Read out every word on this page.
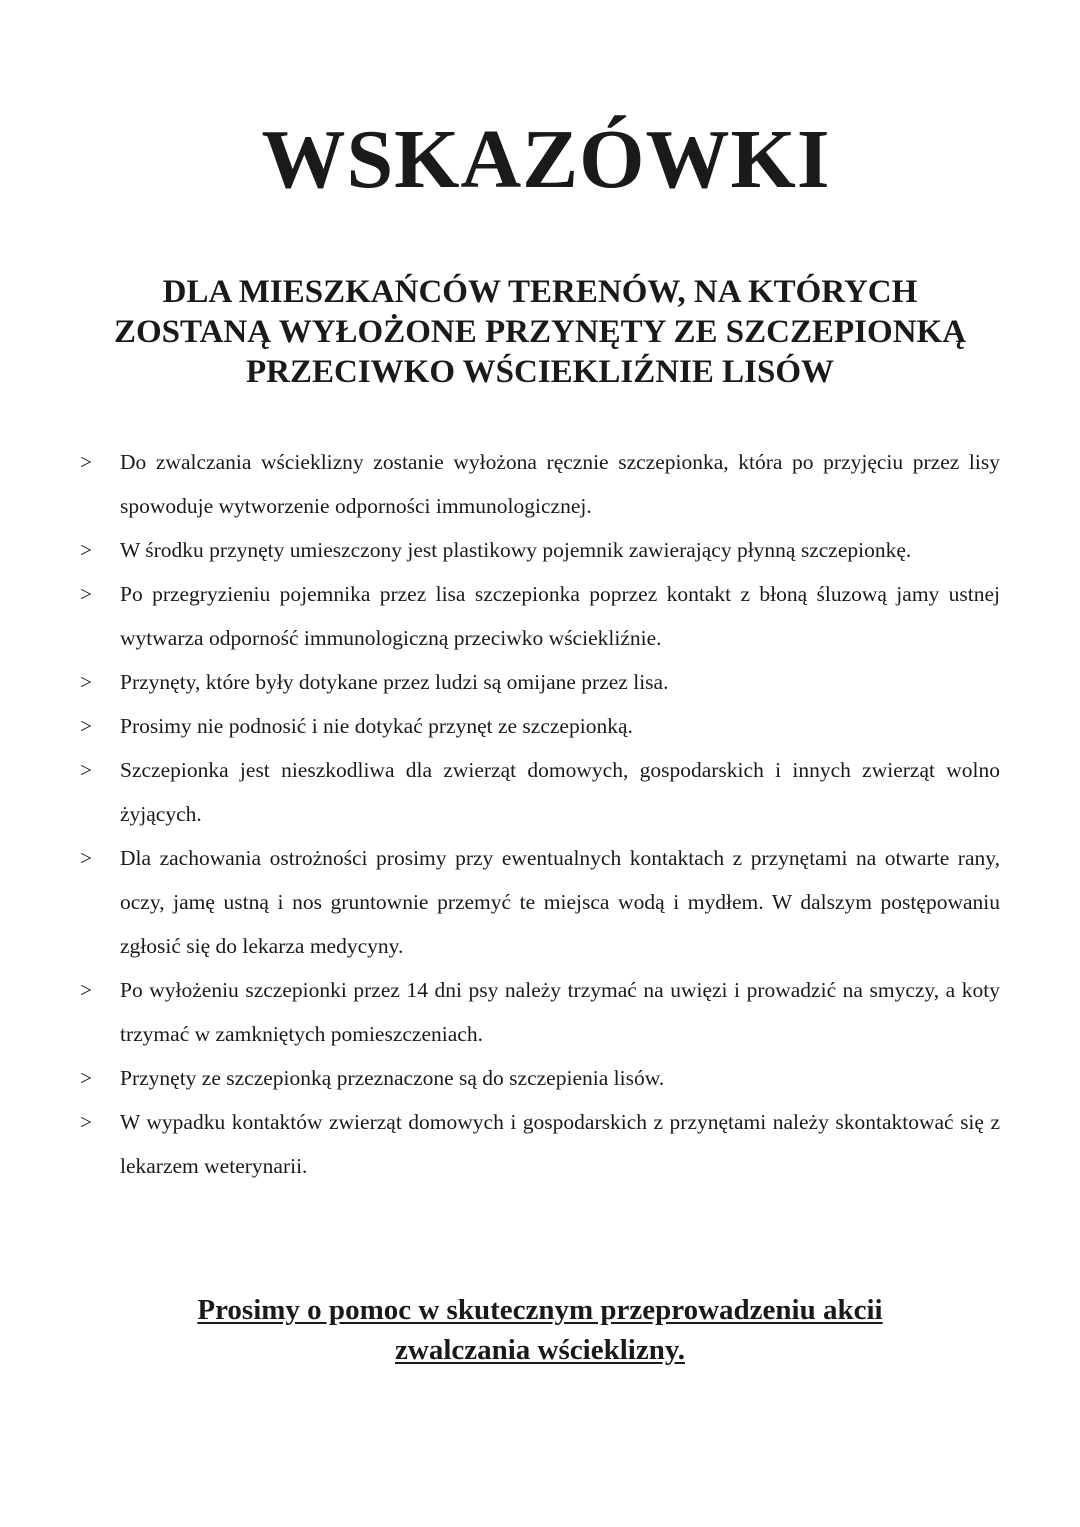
WSKAZÓWKI
DLA MIESZKAŃCÓW TERENÓW, NA KTÓRYCH
ZOSTANĄ WYŁOŻONE PRZYNĘTY ZE SZCZEPIONKĄ
PRZECIWKO WŚCIEKLIŹNIE LISÓW
> Do zwalczania wścieklizny zostanie wyłożona ręcznie szczepionka, która po przyjęciu przez lisy spowoduje wytworzenie odporności immunologicznej.
> W środku przynęty umieszczony jest plastikowy pojemnik zawierający płynną szczepionkę.
> Po przegryzieniu pojemnika przez lisa szczepionka poprzez kontakt z błoną śluzową jamy ustnej wytwarza odporność immunologiczną przeciwko wściekliźnie.
> Przynęty, które były dotykane przez ludzi są omijane przez lisa.
> Prosimy nie podnosić i nie dotykać przynęt ze szczepionką.
> Szczepionka jest nieszkodliwa dla zwierząt domowych, gospodarskich i innych zwierząt wolno żyjących.
> Dla zachowania ostrożności prosimy przy ewentualnych kontaktach z przynętami na otwarte rany, oczy, jamę ustną i nos gruntownie przemyć te miejsca wodą i mydłem. W dalszym postępowaniu zgłosić się do lekarza medycyny.
> Po wyłożeniu szczepionki przez 14 dni psy należy trzymać na uwięzi i prowadzić na smyczy, a koty trzymać w zamkniętych pomieszczeniach.
> Przynęty ze szczepionką przeznaczone są do szczepienia lisów.
> W wypadku kontaktów zwierząt domowych i gospodarskich z przynętami należy skontaktować się z lekarzem weterynarii.

Prosimy o pomoc w skutecznym przeprowadzeniu akcii
zwalczania wścieklizny.
